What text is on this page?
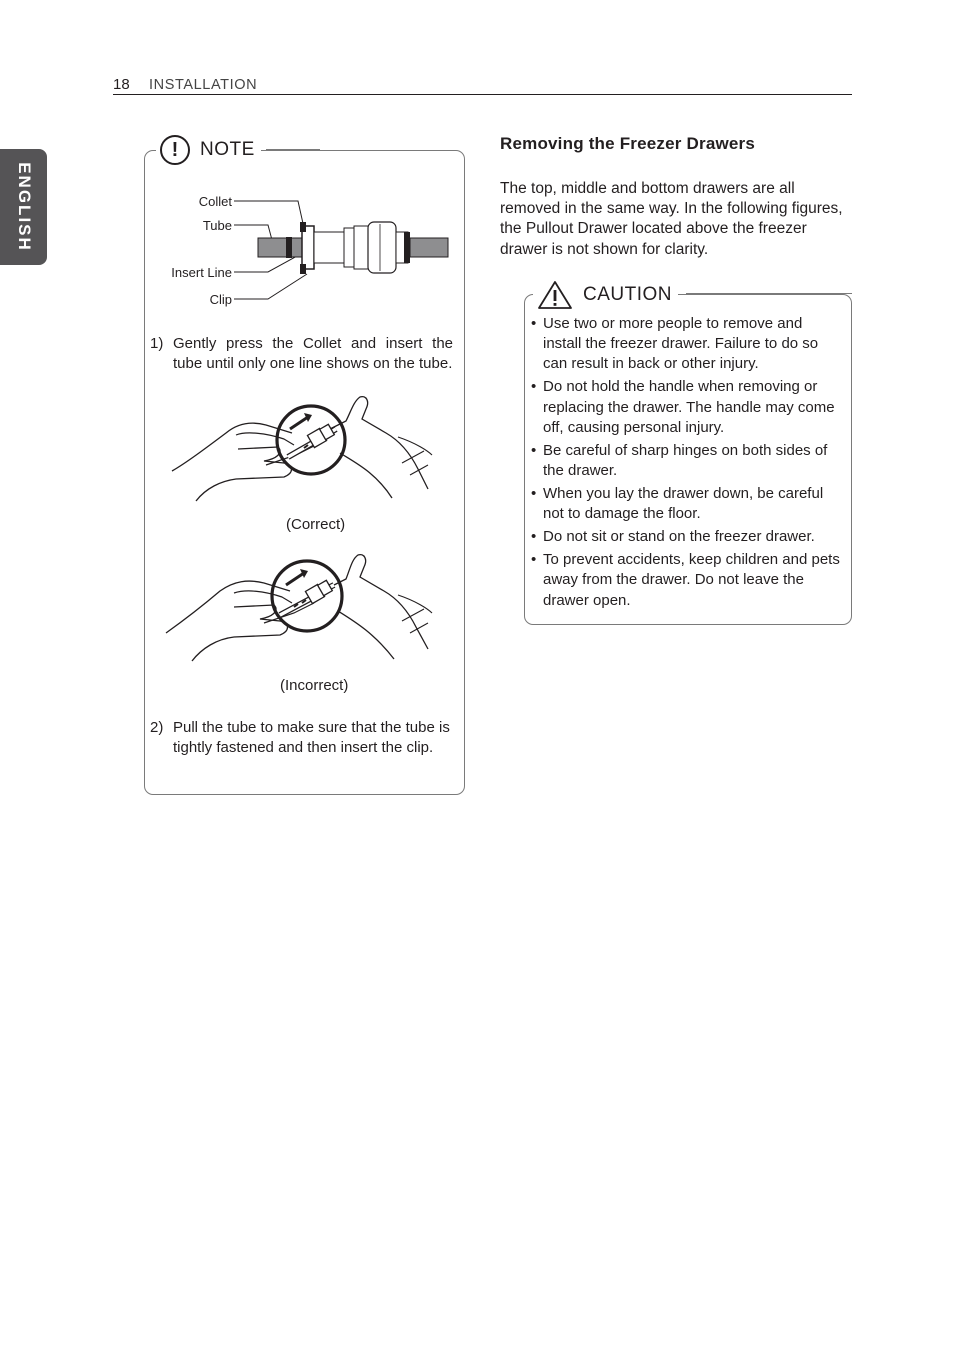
18 INSTALLATION
ENGLISH
!	NOTE
Collet
Tube
Insert Line
Clip
1) Gently press the Collet and insert the tube until only one line shows on the tube.
(Correct)
(Incorrect)
2) Pull the tube to make sure that the tube is tightly fastened and then insert the clip.
Removing the Freezer Drawers
The top, middle and bottom drawers are all removed in the same way. In the following figures, the Pullout Drawer located above the freezer drawer is not shown for clarity.
CAUTION
• Use two or more people to remove and install the freezer drawer. Failure to do so can result in back or other injury.
• Do not hold the handle when removing or replacing the drawer. The handle may come off, causing personal injury.
• Be careful of sharp hinges on both sides of the drawer.
• When you lay the drawer down, be careful not to damage the floor.
• Do not sit or stand on the freezer drawer.
• To prevent accidents, keep children and pets away from the drawer. Do not leave the drawer open.
